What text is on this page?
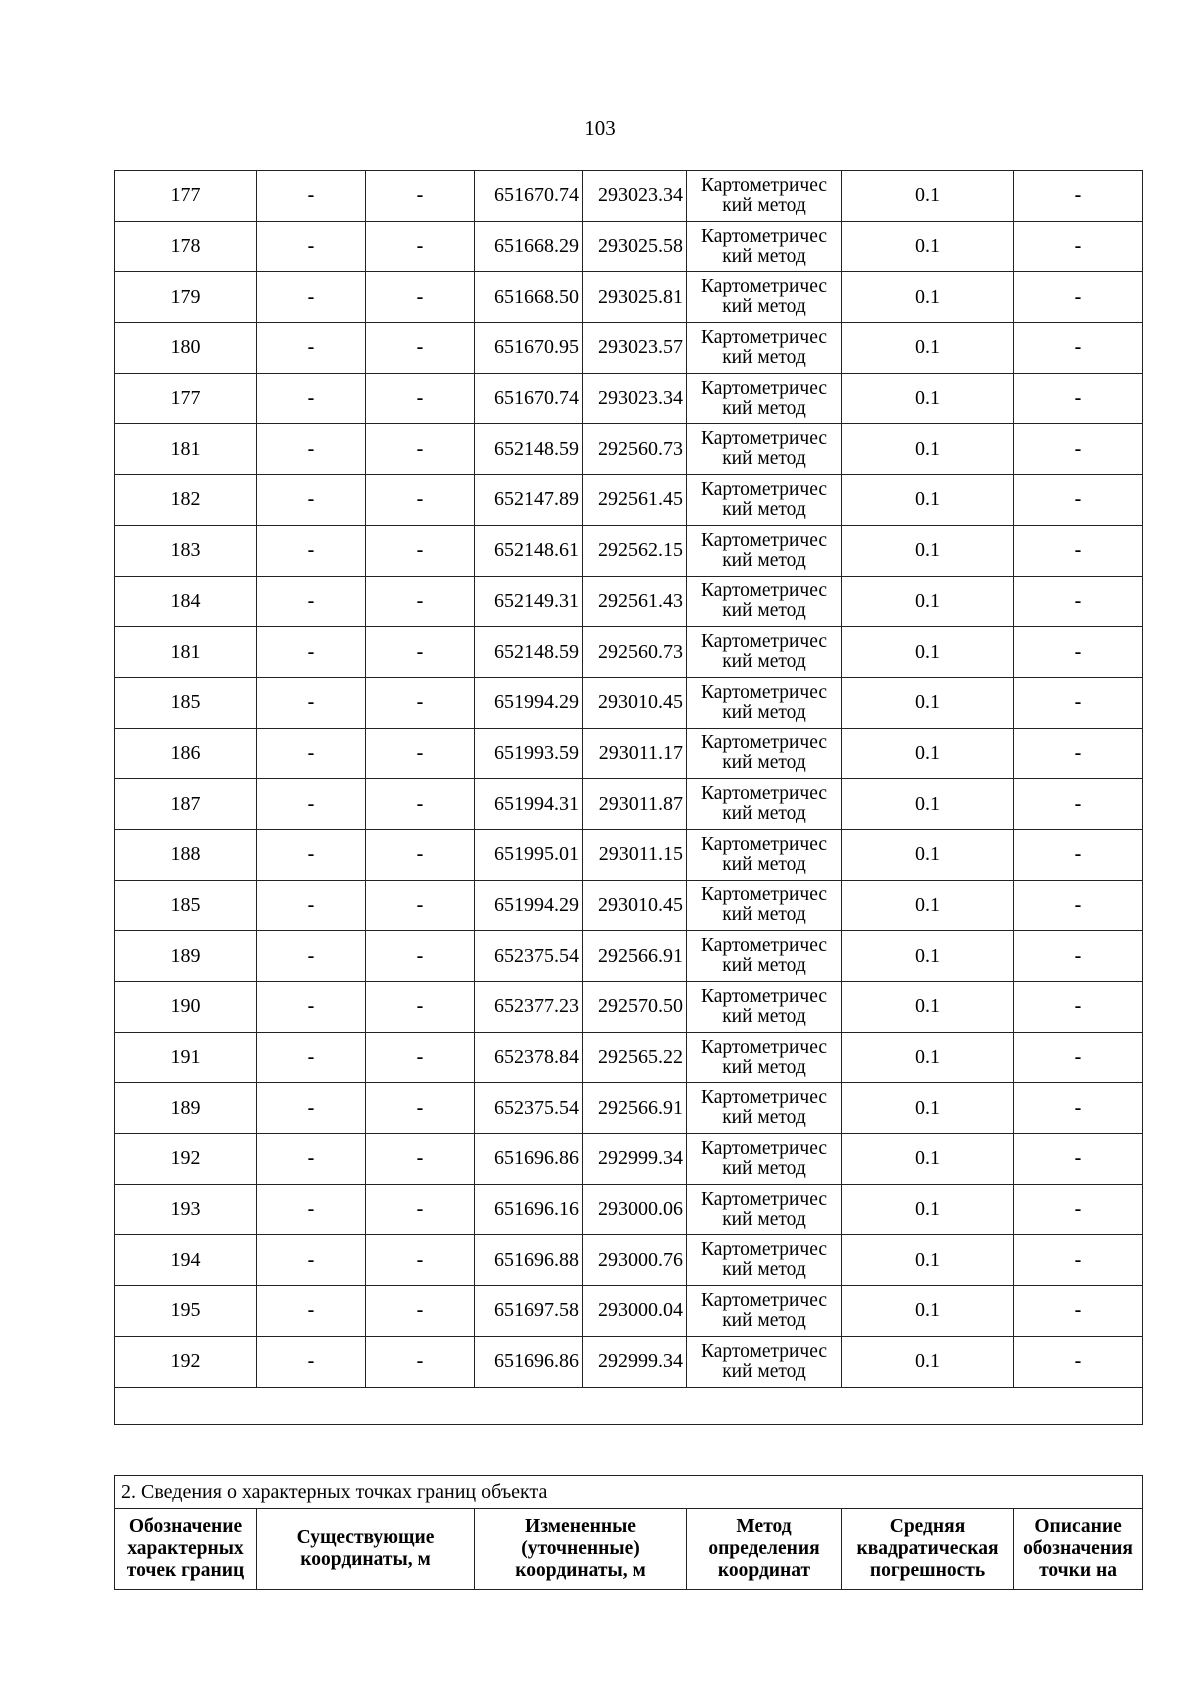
103
177	-	-	651670.74	293023.34	Картометричес кий метод	0.1	-
178	-	-	651668.29	293025.58	Картометричес кий метод	0.1	-
179	-	-	651668.50	293025.81	Картометричес кий метод	0.1	-
180	-	-	651670.95	293023.57	Картометричес кий метод	0.1	-
177	-	-	651670.74	293023.34	Картометричес кий метод	0.1	-
181	-	-	652148.59	292560.73	Картометричес кий метод	0.1	-
182	-	-	652147.89	292561.45	Картометричес кий метод	0.1	-
183	-	-	652148.61	292562.15	Картометричес кий метод	0.1	-
184	-	-	652149.31	292561.43	Картометричес кий метод	0.1	-
181	-	-	652148.59	292560.73	Картометричес кий метод	0.1	-
185	-	-	651994.29	293010.45	Картометричес кий метод	0.1	-
186	-	-	651993.59	293011.17	Картометричес кий метод	0.1	-
187	-	-	651994.31	293011.87	Картометричес кий метод	0.1	-
188	-	-	651995.01	293011.15	Картометричес кий метод	0.1	-
185	-	-	651994.29	293010.45	Картометричес кий метод	0.1	-
189	-	-	652375.54	292566.91	Картометричес кий метод	0.1	-
190	-	-	652377.23	292570.50	Картометричес кий метод	0.1	-
191	-	-	652378.84	292565.22	Картометричес кий метод	0.1	-
189	-	-	652375.54	292566.91	Картометричес кий метод	0.1	-
192	-	-	651696.86	292999.34	Картометричес кий метод	0.1	-
193	-	-	651696.16	293000.06	Картометричес кий метод	0.1	-
194	-	-	651696.88	293000.76	Картометричес кий метод	0.1	-
195	-	-	651697.58	293000.04	Картометричес кий метод	0.1	-
192	-	-	651696.86	292999.34	Картометричес кий метод	0.1	-

2. Сведения о характерных точках границ объекта
Обозначение характерных точек границ	Существующие координаты, м	Измененные (уточненные) координаты, м	Метод определения координат	Средняя квадратическая погрешность	Описание обозначения точки на
